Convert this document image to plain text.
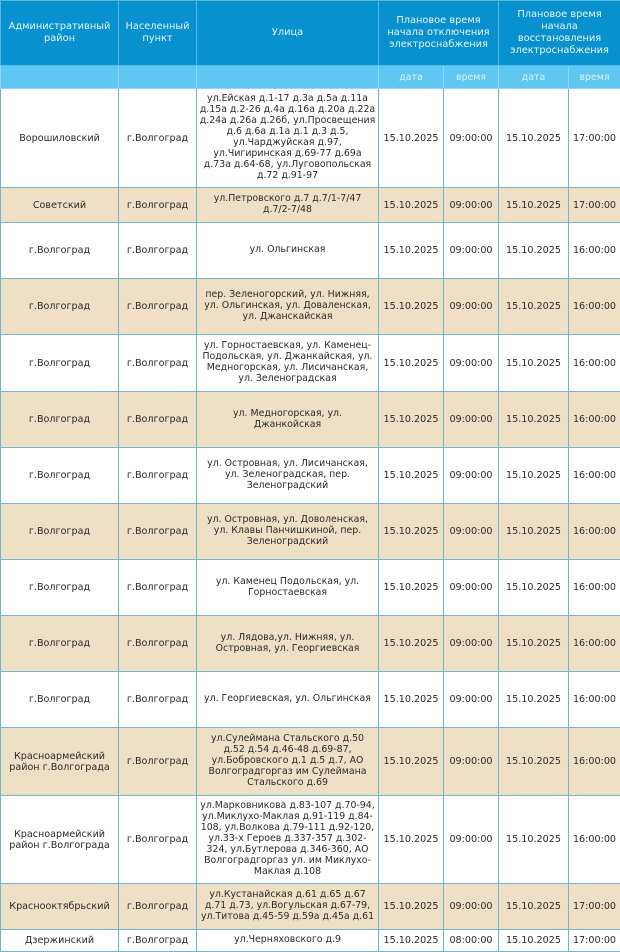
Административный район	Населенный пункт	Улица	Плановое время начала отключения электроснабжения		Плановое время начала восстановления электроснабжения	
			дата	время	дата	время
Ворошиловский	г.Волгоград	ул.Ейская д.1-17 д.3а д.5а д.11а д.15а д.2-26 д.4а д.16а д.20а д.22а д.24а д.26а д.26б, ул.Просвещения д.6 д.6а д.1а д.1 д.3 д.5, ул.Чарджуйская д.97, ул.Чигиринская д.69-77 д.69а д.73а д.64-68, ул.Луговопольская д.72 д.91-97	15.10.2025	09:00:00	15.10.2025	17:00:00
Советский	г.Волгоград	ул.Петровского д.7 д.7/1-7/47 д.7/2-7/48	15.10.2025	09:00:00	15.10.2025	17:00:00
г.Волгоград	г.Волгоград	ул. Ольгинская	15.10.2025	09:00:00	15.10.2025	16:00:00
г.Волгоград	г.Волгоград	пер. Зеленогорский, ул. Нижняя, ул. Ольгинская, ул. Доваленская, ул. Джанскайская	15.10.2025	09:00:00	15.10.2025	16:00:00
г.Волгоград	г.Волгоград	ул. Горностаевская, ул. Каменец-Подольская, ул. Джанкайская, ул. Медногорская, ул. Лисичанская, ул. Зеленоградская	15.10.2025	09:00:00	15.10.2025	16:00:00
г.Волгоград	г.Волгоград	ул. Медногорская, ул. Джанкойская	15.10.2025	09:00:00	15.10.2025	16:00:00
г.Волгоград	г.Волгоград	ул. Островная, ул. Лисичанская, ул. Зеленоградская, пер. Зеленоградский	15.10.2025	09:00:00	15.10.2025	16:00:00
г.Волгоград	г.Волгоград	ул. Островная, ул. Доволенская, ул. Клавы Панчишкиной, пер. Зеленоградский	15.10.2025	09:00:00	15.10.2025	16:00:00
г.Волгоград	г.Волгоград	ул. Каменец Подольская, ул. Горностаевская	15.10.2025	09:00:00	15.10.2025	16:00:00
г.Волгоград	г.Волгоград	ул. Лядова,ул. Нижняя, ул. Островная, ул. Георгиевская	15.10.2025	09:00:00	15.10.2025	16:00:00
г.Волгоград	г.Волгоград	ул. Георгиевская, ул. Ольгинская	15.10.2025	09:00:00	15.10.2025	16:00:00
Красноармейский район г.Волгограда	г.Волгоград	ул.Сулеймана Стальского д.50 д.52 д.54 д.46-48 д.69-87, ул.Бобровского д.1 д.5 д.7, АО Волгоградгоргаз им Сулеймана Стальского д.69	15.10.2025	09:00:00	15.10.2025	16:00:00
Красноармейский район г.Волгограда	г.Волгоград	ул.Марковникова д.83-107 д.70-94, ул.Миклухо-Маклая д.91-119 д.84-108, ул.Волкова д.79-111 д.92-120, ул.33-х Героев д.337-357 д.302-324, ул.Бутлерова д.346-360, АО Волгоградгоргаз ул. им Миклухо-Маклая д.108	15.10.2025	09:00:00	15.10.2025	16:00:00
Краснооктябрьский	г.Волгоград	ул.Кустанайская д.61 д.65 д.67 д.71 д.73, ул.Вогульская д.67-79, ул.Титова д.45-59 д.59а д.45а д.61	15.10.2025	09:00:00	15.10.2025	17:00:00
Дзержинский	г.Волгоград	ул.Черняховского д.9	15.10.2025	08:00:00	15.10.2025	17:00:00
